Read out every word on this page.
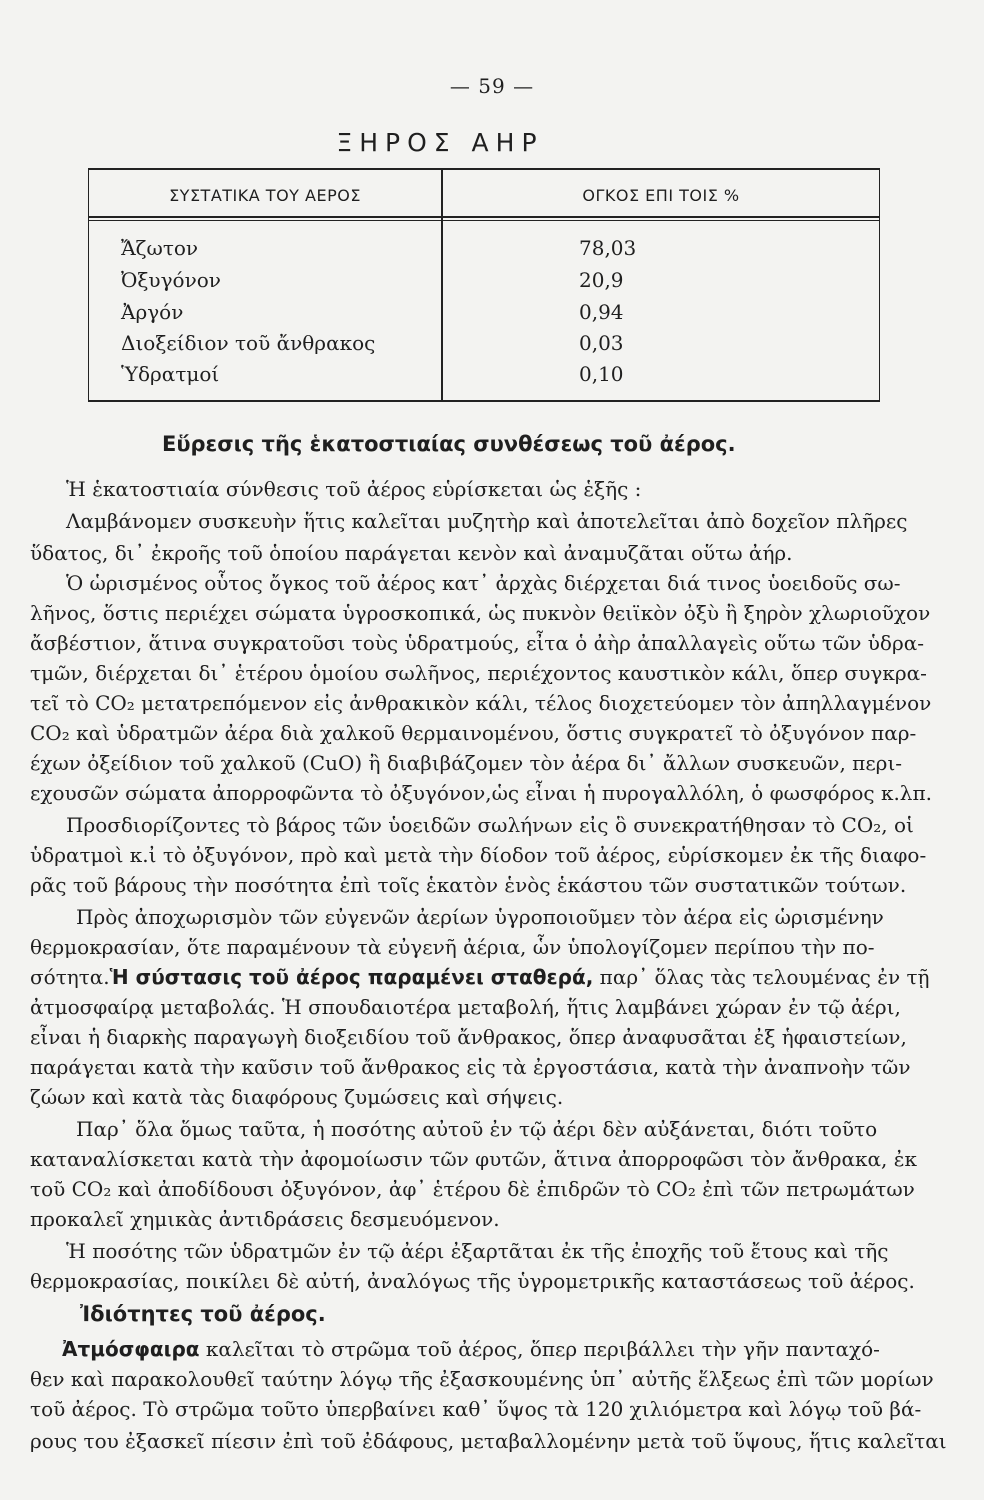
— 59 —
ΞΗΡΟΣ ΑΗΡ
ΣΥΣΤΑΤΙΚΑ ΤΟΥ ΑΕΡΟΣ	ΟΓΚΟΣ ΕΠΙ ΤΟΙΣ %
Ἄζωτον	78,03
Ὀξυγόνον	20,9
Ἀργόν	0,94
Διοξείδιον τοῦ ἄνθρακος	0,03
Ὑδρατμοί	0,10
Εὕρεσις τῆς ἑκατοστιαίας συνθέσεως τοῦ ἀέρος.
Ἡ ἑκατοστιαία σύνθεσις τοῦ ἀέρος εὑρίσκεται ὡς ἑξῆς :
Λαμβάνομεν συσκευὴν ἥτις καλεῖται μυζητὴρ καὶ ἀποτελεῖται ἀπὸ δοχεῖον πλῆρες
ὕδατος, δι᾽ ἐκροῆς τοῦ ὁποίου παράγεται κενὸν καὶ ἀναμυζᾶται οὕτω ἀήρ.
Ὁ ὡρισμένος οὗτος ὄγκος τοῦ ἀέρος κατ᾽ ἀρχὰς διέρχεται διά τινος ὑοειδοῦς σω-
λῆνος, ὅστις περιέχει σώματα ὑγροσκοπικά, ὡς πυκνὸν θειϊκὸν ὀξὺ ἢ ξηρὸν χλωριοῦχον
ἄσβέστιον, ἅτινα συγκρατοῦσι τοὺς ὑδρατμούς, εἶτα ὁ ἀὴρ ἀπαλλαγεὶς οὕτω τῶν ὑδρα-
τμῶν, διέρχεται δι᾽ ἑτέρου ὁμοίου σωλῆνος, περιέχοντος καυστικὸν κάλι, ὅπερ συγκρα-
τεῖ τὸ CO₂ μετατρεπόμενον εἰς ἀνθρακικὸν κάλι, τέλος διοχετεύομεν τὸν ἀπηλλαγμένον
CO₂ καὶ ὑδρατμῶν ἀέρα διὰ χαλκοῦ θερμαινομένου, ὅστις συγκρατεῖ τὸ ὀξυγόνον παρ-
έχων ὀξείδιον τοῦ χαλκοῦ (CuO) ἢ διαβιβάζομεν τὸν ἀέρα δι᾽ ἄλλων συσκευῶν, περι-
εχουσῶν σώματα ἀπορροφῶντα τὸ ὀξυγόνον,ὡς εἶναι ἡ πυρογαλλόλη, ὁ φωσφόρος κ.λπ.
Προσδιορίζοντες τὸ βάρος τῶν ὑοειδῶν σωλήνων εἰς ὃ συνεκρατήθησαν τὸ CO₂, οἱ
ὑδρατμοὶ κ.ἰ τὸ ὀξυγόνον, πρὸ καὶ μετὰ τὴν δίοδον τοῦ ἀέρος, εὑρίσκομεν ἐκ τῆς διαφο-
ρᾶς τοῦ βάρους τὴν ποσότητα ἐπὶ τοῖς ἑκατὸν ἑνὸς ἑκάστου τῶν συστατικῶν τούτων.
Πρὸς ἀποχωρισμὸν τῶν εὐγενῶν ἀερίων ὑγροποιοῦμεν τὸν ἀέρα εἰς ὡρισμένην
θερμοκρασίαν, ὅτε παραμένουν τὰ εὐγενῆ ἀέρια, ὧν ὑπολογίζομεν περίπου τὴν πο-
σότητα.Ἡ σύστασις τοῦ ἀέρος παραμένει σταθερά, παρ᾽ ὅλας τὰς τελουμένας ἐν τῇ
ἀτμοσφαίρᾳ μεταβολάς. Ἡ σπουδαιοτέρα μεταβολή, ἥτις λαμβάνει χώραν ἐν τῷ ἀέρι,
εἶναι ἡ διαρκὴς παραγωγὴ διοξειδίου τοῦ ἄνθρακος, ὅπερ ἀναφυσᾶται ἐξ ἡφαιστείων,
παράγεται κατὰ τὴν καῦσιν τοῦ ἄνθρακος εἰς τὰ ἐργοστάσια, κατὰ τὴν ἀναπνοὴν τῶν
ζώων καὶ κατὰ τὰς διαφόρους ζυμώσεις καὶ σήψεις.
Παρ᾽ ὅλα ὅμως ταῦτα, ἡ ποσότης αὐτοῦ ἐν τῷ ἀέρι δὲν αὐξάνεται, διότι τοῦτο
καταναλίσκεται κατὰ τὴν ἀφομοίωσιν τῶν φυτῶν, ἅτινα ἀπορροφῶσι τὸν ἄνθρακα, ἐκ
τοῦ CO₂ καὶ ἀποδίδουσι ὀξυγόνον, ἀφ᾽ ἑτέρου δὲ ἐπιδρῶν τὸ CO₂ ἐπὶ τῶν πετρωμάτων
προκαλεῖ χημικὰς ἀντιδράσεις δεσμευόμενον.
Ἡ ποσότης τῶν ὑδρατμῶν ἐν τῷ ἀέρι ἐξαρτᾶται ἐκ τῆς ἐποχῆς τοῦ ἔτους καὶ τῆς
θερμοκρασίας, ποικίλει δὲ αὐτή, ἀναλόγως τῆς ὑγρομετρικῆς καταστάσεως τοῦ ἀέρος.
Ἰδιότητες τοῦ ἀέρος.
Ἀτμόσφαιρα καλεῖται τὸ στρῶμα τοῦ ἀέρος, ὅπερ περιβάλλει τὴν γῆν πανταχό-
θεν καὶ παρακολουθεῖ ταύτην λόγῳ τῆς ἐξασκουμένης ὑπ᾽ αὐτῆς ἕλξεως ἐπὶ τῶν μορίων
τοῦ ἀέρος. Τὸ στρῶμα τοῦτο ὑπερβαίνει καθ᾽ ὕψος τὰ 120 χιλιόμετρα καὶ λόγῳ τοῦ βά-
ρους του ἐξασκεῖ πίεσιν ἐπὶ τοῦ ἐδάφους, μεταβαλλομένην μετὰ τοῦ ὕψους, ἥτις καλεῖται
